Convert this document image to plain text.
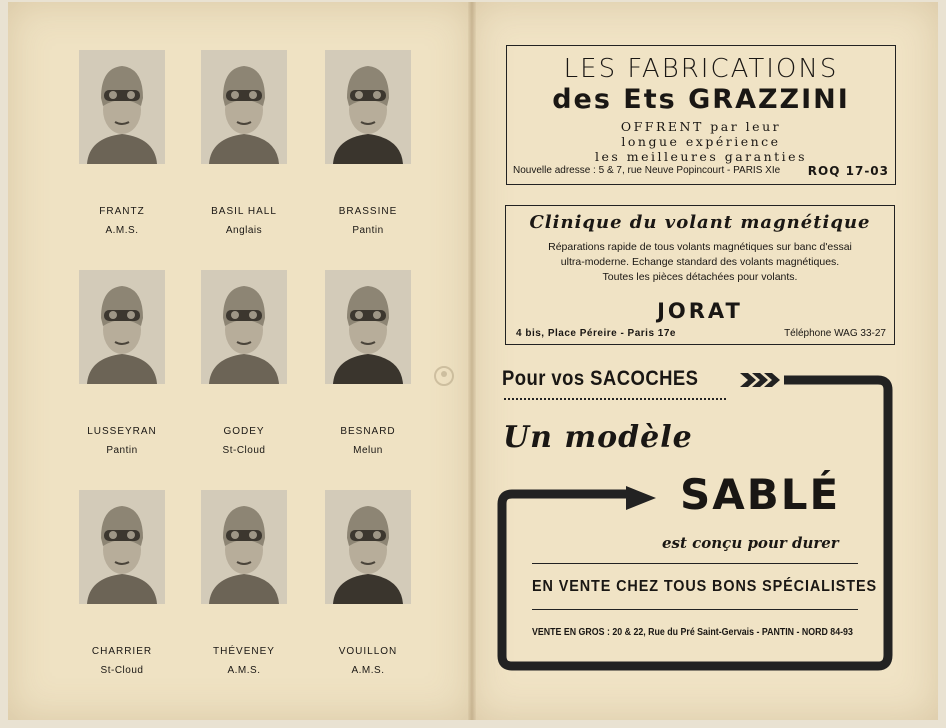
FRANTZ
A.M.S.
BASIL HALL
Anglais
BRASSINE
Pantin
LUSSEYRAN
Pantin
GODEY
St-Cloud
BESNARD
Melun
CHARRIER
St-Cloud
THÉVENEY
A.M.S.
VOUILLON
A.M.S.
LES FABRICATIONS
des Ets GRAZZINI
OFFRENT par leur
longue expérience
les meilleures garanties
Nouvelle adresse : 5 & 7, rue Neuve Popincourt - PARIS XIe ROQ 17-03
Clinique du volant magnétique
Réparations rapide de tous volants magnétiques sur banc d'essai
ultra-moderne. Echange standard des volants magnétiques.
Toutes les pièces détachées pour volants.
JORAT
4 bis, Place Péreire - Paris 17e	Téléphone WAG 33-27
Pour vos SACOCHES
Un modèle
SABLÉ
est conçu pour durer
EN VENTE CHEZ TOUS BONS SPÉCIALISTES
VENTE EN GROS : 20 & 22, Rue du Pré Saint-Gervais - PANTIN - NORD 84-93
